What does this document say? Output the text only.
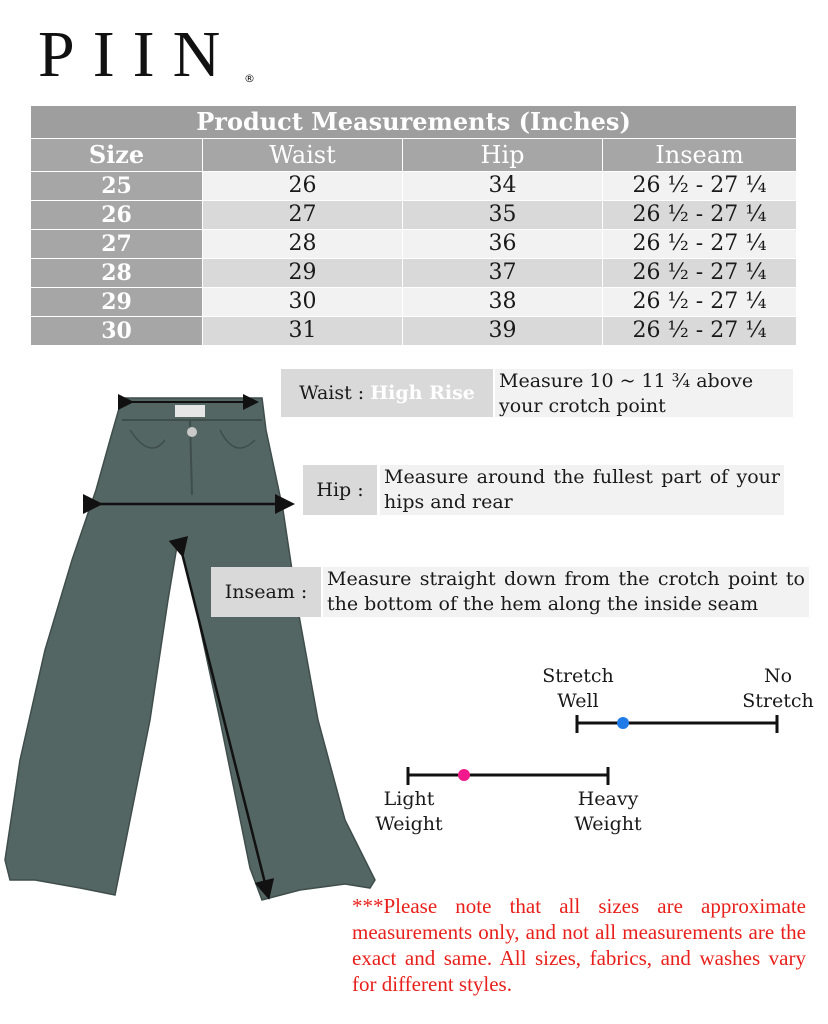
PIIN ®
Product Measurements (Inches)			
Size	Waist	Hip	Inseam
25	26	34	26 ½ - 27 ¼
26	27	35	26 ½ - 27 ¼
27	28	36	26 ½ - 27 ¼
28	29	37	26 ½ - 27 ¼
29	30	38	26 ½ - 27 ¼
30	31	39	26 ½ - 27 ¼
Waist : High Rise
Measure 10 ~ 11 ¾ above your crotch point
Hip :
Measure around the fullest part of your hips and rear
Inseam :
Measure straight down from the crotch point to the bottom of the hem along the inside seam
Stretch Well
No Stretch
Light Weight
Heavy Weight
***Please note that all sizes are approximate measurements only, and not all measurements are the exact and same. All sizes, fabrics, and washes vary for different styles.
